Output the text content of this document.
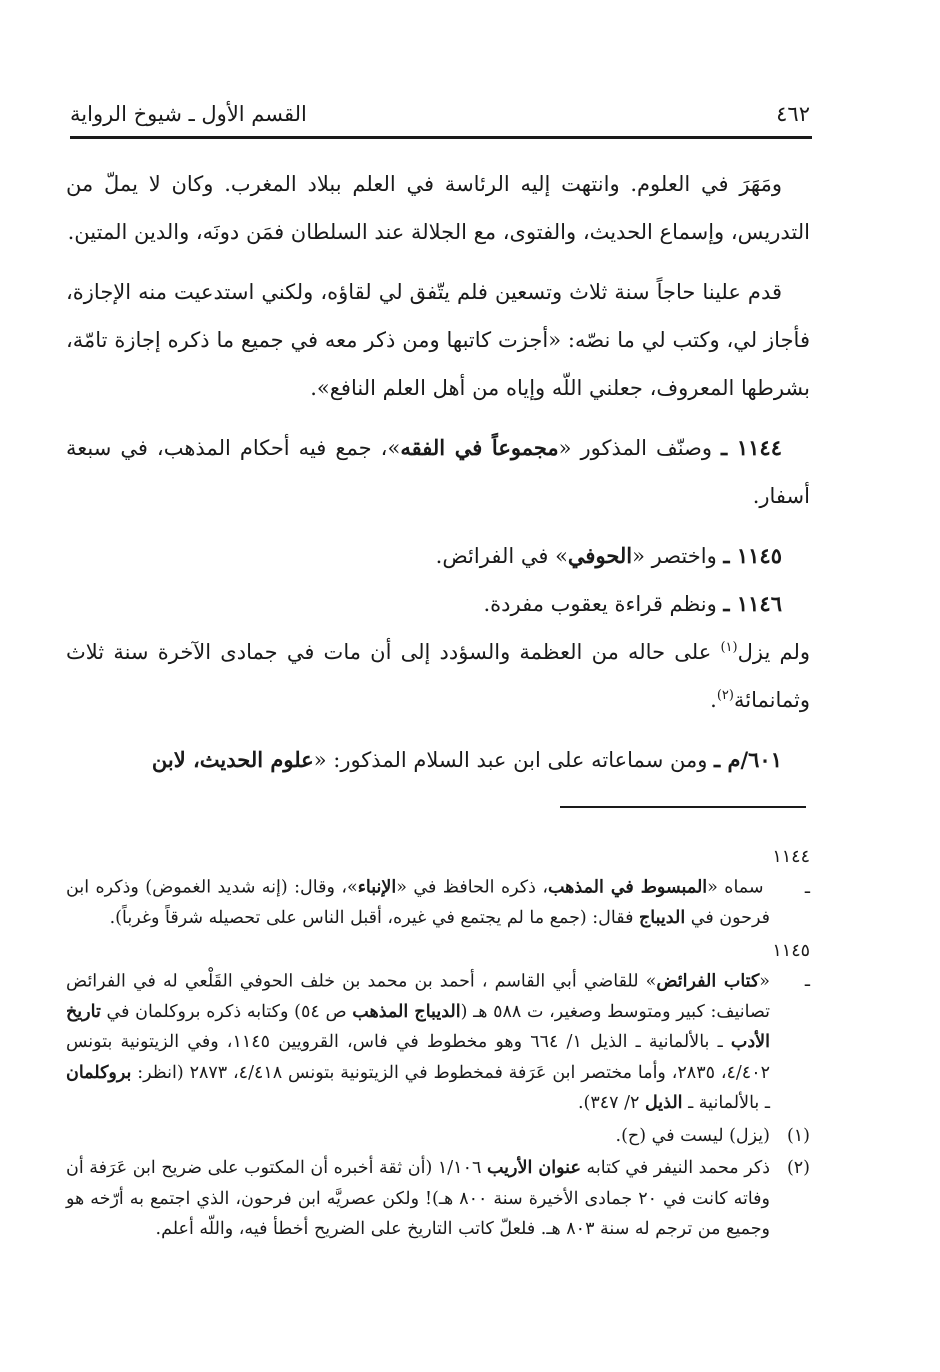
القسم الأول ـ شيوخ الرواية	٤٦٢

ومَهَرَ في العلوم. وانتهت إليه الرئاسة في العلم ببلاد المغرب. وكان لا يملّ من التدريس، وإسماع الحديث، والفتوى، مع الجلالة عند السلطان فمَن دونَه، والدين المتين.

قدم علينا حاجاً سنة ثلاث وتسعين فلم يتّفق لي لقاؤه، ولكني استدعيت منه الإجازة، فأجاز لي، وكتب لي ما نصّه: «أجزت كاتبها ومن ذكر معه في جميع ما ذكره إجازة تامّة، بشرطها المعروف، جعلني اللّه وإياه من أهل العلم النافع».

١١٤٤ ـ وصنّف المذكور «مجموعاً في الفقه»، جمع فيه أحكام المذهب، في سبعة أسفار.

١١٤٥ ـ واختصر «الحوفي» في الفرائض.

١١٤٦ ـ ونظم قراءة يعقوب مفردة.

ولم يزل$^{(١)}$ على حاله من العظمة والسؤدد إلى أن مات في جمادى الآخرة سنة ثلاث وثمانمائة$^{(٢)}$.

٦٠١/م ـ ومن سماعاته على ابن عبد السلام المذكور: «علوم الحديث، لابن

١١٤٤ ـ سماه «المبسوط في المذهب، ذكره الحافظ في «الإنباء»، وقال: (إنه شديد الغموض) وذكره ابن فرحون في الديباج فقال: (جمع ما لم يجتمع في غيره، أقبل الناس على تحصيله شرقاً وغرباً).

١١٤٥ ـ«كتاب الفرائض» للقاضي أبي القاسم ، أحمد بن محمد بن خلف الحوفي القَلْعي له في الفرائض تصانيف: كبير ومتوسط وصغير، ت ٥٨٨ هـ (الديباج المذهب ص ٥٤) وكتابه ذكره بروكلمان في تاريخ الأدب ـ بالألمانية ـ الذيل ١/ ٦٦٤ وهو مخطوط في فاس، القرويين ١١٤٥، وفي الزيتونية بتونس ٤/٤٠٢، ٢٨٣٥، وأما مختصر ابن عَرَفة فمخطوط في الزيتونية بتونس ٤/٤١٨، ٢٨٧٣ (انظر: بروكلمان ـ بالألمانية ـ الذيل ٢/ ٣٤٧).

(١)(يزل) ليست في (ح).

(٢)ذكر محمد النيفر في كتابه عنوان الأريب ١/١٠٦ (أن ثقة أخبره أن المكتوب على ضريح ابن عَرَفة أن وفاته كانت في ٢٠ جمادى الأخيرة سنة ٨٠٠ هـ)! ولكن عصريَّه ابن فرحون، الذي اجتمع به أرّخه هو وجميع من ترجم له سنة ٨٠٣ هـ. فلعلّ كاتب التاريخ على الضريح أخطأ فيه، واللّه أعلم.
